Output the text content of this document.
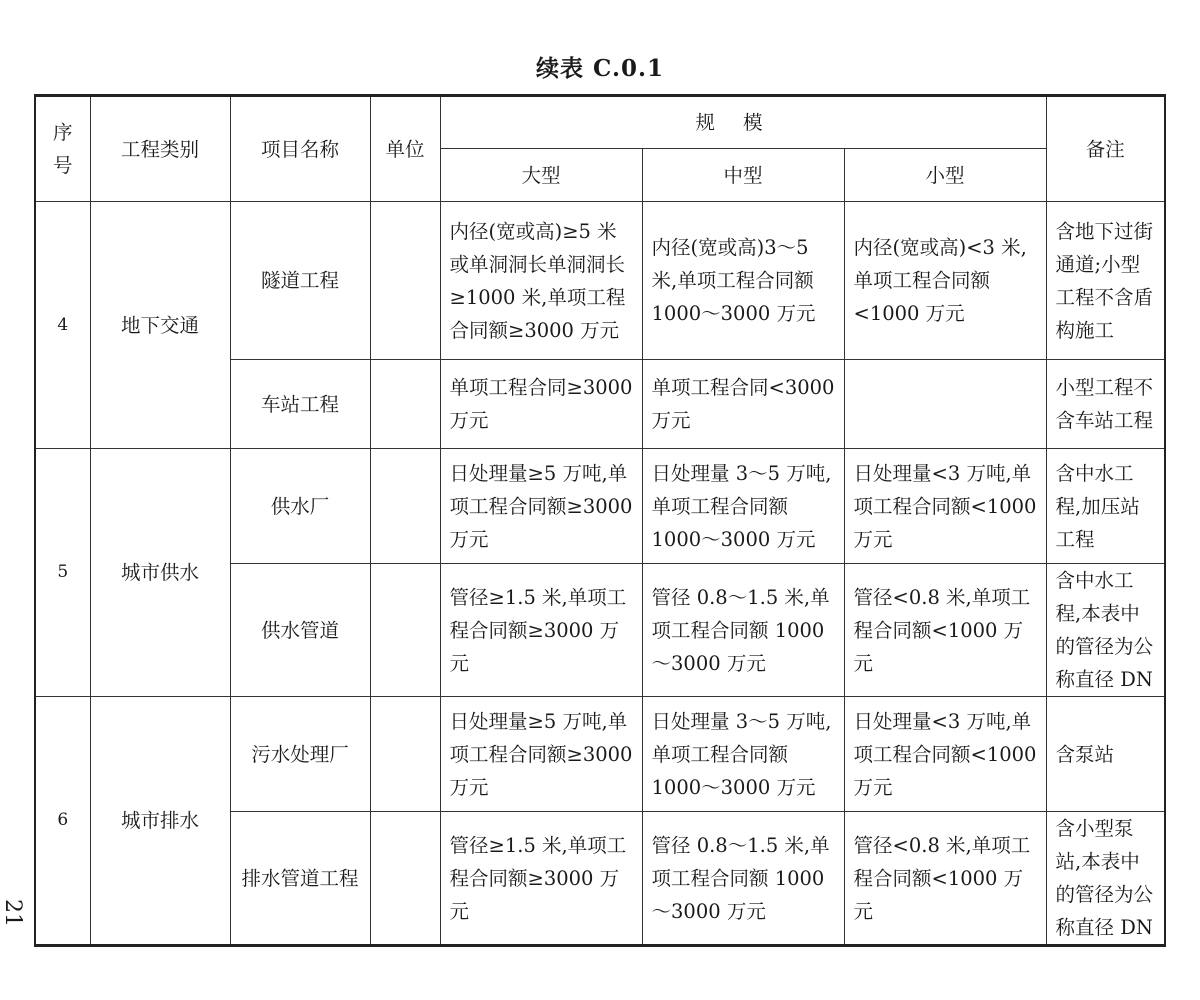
续表 C.0.1
序号	工程类别	项目名称	单位	规模			备注
				大型	中型	小型	
4	地下交通	隧道工程		内径(宽或高)≥5 米或单洞洞长单洞洞长≥1000 米,单项工程合同额≥3000 万元	内径(宽或高)3～5 米,单项工程合同额 1000～3000 万元	内径(宽或高)<3 米,单项工程合同额<1000 万元	含地下过街通道;小型工程不含盾构施工
		车站工程		单项工程合同≥3000 万元	单项工程合同<3000 万元		小型工程不含车站工程
5	城市供水	供水厂		日处理量≥5 万吨,单项工程合同额≥3000 万元	日处理量 3～5 万吨,单项工程合同额 1000～3000 万元	日处理量<3 万吨,单项工程合同额<1000 万元	含中水工程,加压站工程
		供水管道		管径≥1.5 米,单项工程合同额≥3000 万元	管径 0.8～1.5 米,单项工程合同额 1000～3000 万元	管径<0.8 米,单项工程合同额<1000 万元	含中水工程,本表中的管径为公称直径 DN
6	城市排水	污水处理厂		日处理量≥5 万吨,单项工程合同额≥3000 万元	日处理量 3～5 万吨,单项工程合同额 1000～3000 万元	日处理量<3 万吨,单项工程合同额<1000 万元	含泵站
		排水管道工程		管径≥1.5 米,单项工程合同额≥3000 万元	管径 0.8～1.5 米,单项工程合同额 1000～3000 万元	管径<0.8 米,单项工程合同额<1000 万元	含小型泵站,本表中的管径为公称直径 DN
21
